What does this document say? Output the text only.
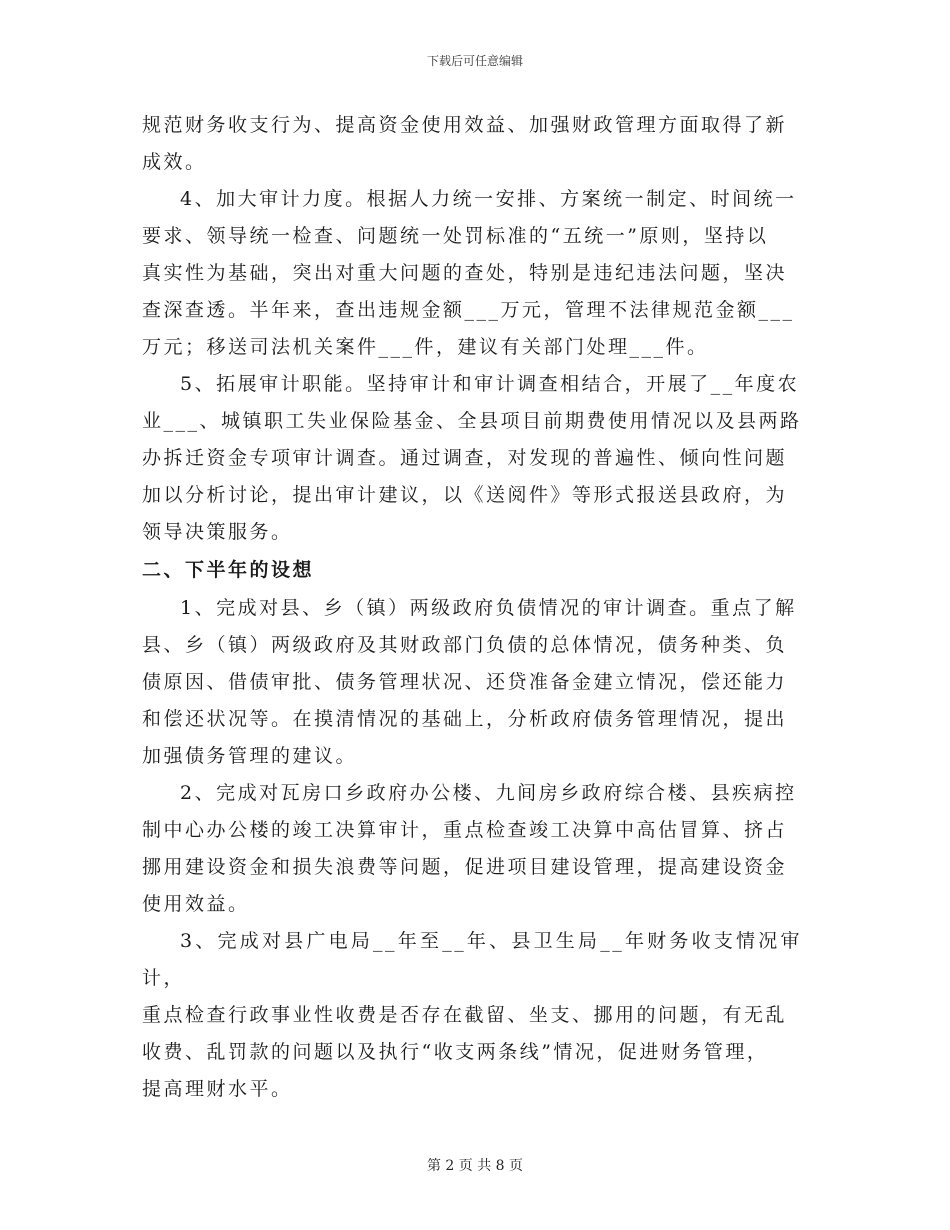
下载后可任意编辑

规范财务收支行为、提高资金使用效益、加强财政管理方面取得了新
成效。

4、加大审计力度。根据人力统一安排、方案统一制定、时间统一
要求、领导统一检查、问题统一处罚标准的“五统一”原则，坚持以
真实性为基础，突出对重大问题的查处，特别是违纪违法问题，坚决
查深查透。半年来，查出违规金额___万元，管理不法律规范金额___
万元；移送司法机关案件___件，建议有关部门处理___件。

5、拓展审计职能。坚持审计和审计调查相结合，开展了__年度农
业___、城镇职工失业保险基金、全县项目前期费使用情况以及县两路
办拆迁资金专项审计调查。通过调查，对发现的普遍性、倾向性问题
加以分析讨论，提出审计建议，以《送阅件》等形式报送县政府，为
领导决策服务。

二、下半年的设想

1、完成对县、乡（镇）两级政府负债情况的审计调查。重点了解
县、乡（镇）两级政府及其财政部门负债的总体情况，债务种类、负
债原因、借债审批、债务管理状况、还贷准备金建立情况，偿还能力
和偿还状况等。在摸清情况的基础上，分析政府债务管理情况，提出
加强债务管理的建议。

2、完成对瓦房口乡政府办公楼、九间房乡政府综合楼、县疾病控
制中心办公楼的竣工决算审计，重点检查竣工决算中高估冒算、挤占
挪用建设资金和损失浪费等问题，促进项目建设管理，提高建设资金
使用效益。

3、完成对县广电局__年至__年、县卫生局__年财务收支情况审计，
重点检查行政事业性收费是否存在截留、坐支、挪用的问题，有无乱
收费、乱罚款的问题以及执行“收支两条线”情况，促进财务管理，
提高理财水平。

第 2 页 共 8 页
